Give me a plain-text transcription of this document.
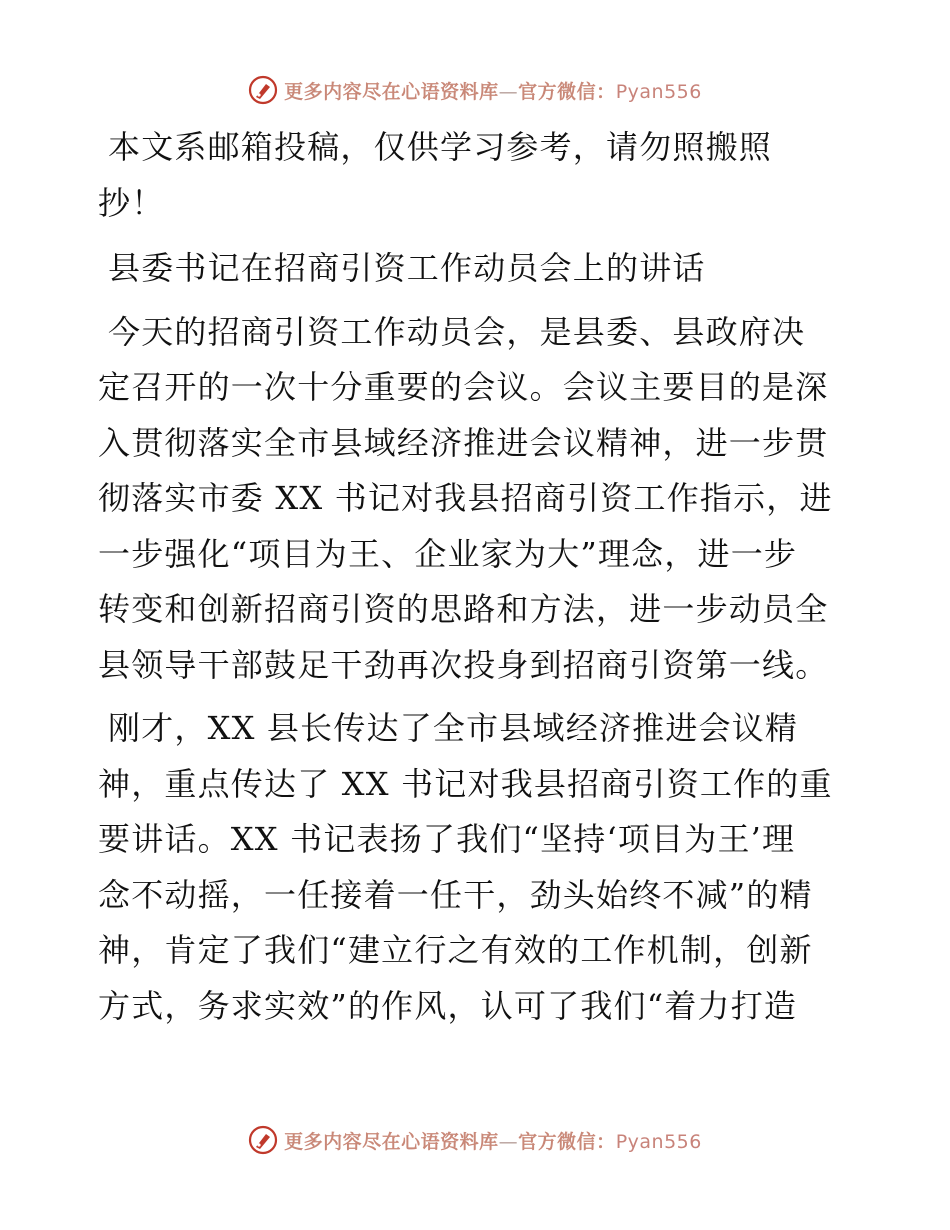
更多内容尽在心语资料库—官方微信：Pyan556

本文系邮箱投稿，仅供学习参考，请勿照搬照
抄！

县委书记在招商引资工作动员会上的讲话

今天的招商引资工作动员会，是县委、县政府决
定召开的一次十分重要的会议。会议主要目的是深
入贯彻落实全市县域经济推进会议精神，进一步贯
彻落实市委 XX 书记对我县招商引资工作指示，进
一步强化“项目为王、企业家为大”理念，进一步
转变和创新招商引资的思路和方法，进一步动员全
县领导干部鼓足干劲再次投身到招商引资第一线。

刚才，XX 县长传达了全市县域经济推进会议精
神，重点传达了 XX 书记对我县招商引资工作的重
要讲话。XX 书记表扬了我们“坚持‘项目为王’理
念不动摇，一任接着一任干，劲头始终不减”的精
神，肯定了我们“建立行之有效的工作机制，创新
方式，务求实效”的作风，认可了我们“着力打造

更多内容尽在心语资料库—官方微信：Pyan556
